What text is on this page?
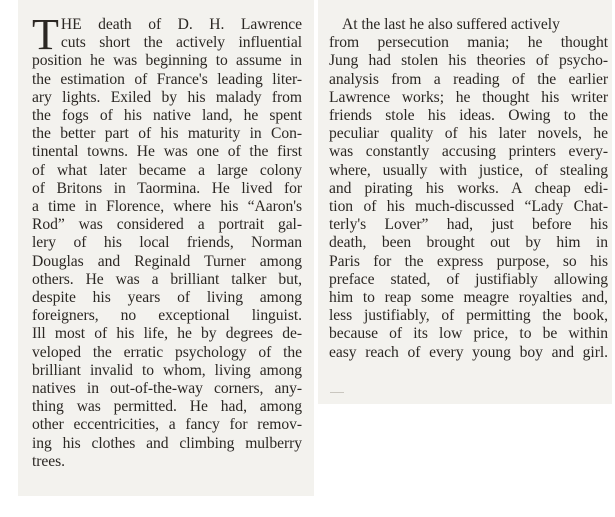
T HE death of D. H. Lawrence
cuts short the actively influential
position he was beginning to assume in
the estimation of France's leading liter-
ary lights. Exiled by his malady from
the fogs of his native land, he spent
the better part of his maturity in Con-
tinental towns. He was one of the first
of what later became a large colony
of Britons in Taormina. He lived for
a time in Florence, where his “Aaron's
Rod” was considered a portrait gal-
lery of his local friends, Norman
Douglas and Reginald Turner among
others. He was a brilliant talker but,
despite his years of living among
foreigners, no exceptional linguist.
Ill most of his life, he by degrees de-
veloped the erratic psychology of the
brilliant invalid to whom, living among
natives in out-of-the-way corners, any-
thing was permitted. He had, among
other eccentricities, a fancy for remov-
ing his clothes and climbing mulberry
trees.
At the last he also suffered actively
from persecution mania; he thought
Jung had stolen his theories of psycho-
analysis from a reading of the earlier
Lawrence works; he thought his writer
friends stole his ideas. Owing to the
peculiar quality of his later novels, he
was constantly accusing printers every-
where, usually with justice, of stealing
and pirating his works. A cheap edi-
tion of his much-discussed “Lady Chat-
terly's Lover” had, just before his
death, been brought out by him in
Paris for the express purpose, so his
preface stated, of justifiably allowing
him to reap some meagre royalties and,
less justifiably, of permitting the book,
because of its low price, to be within
easy reach of every young boy and girl.
